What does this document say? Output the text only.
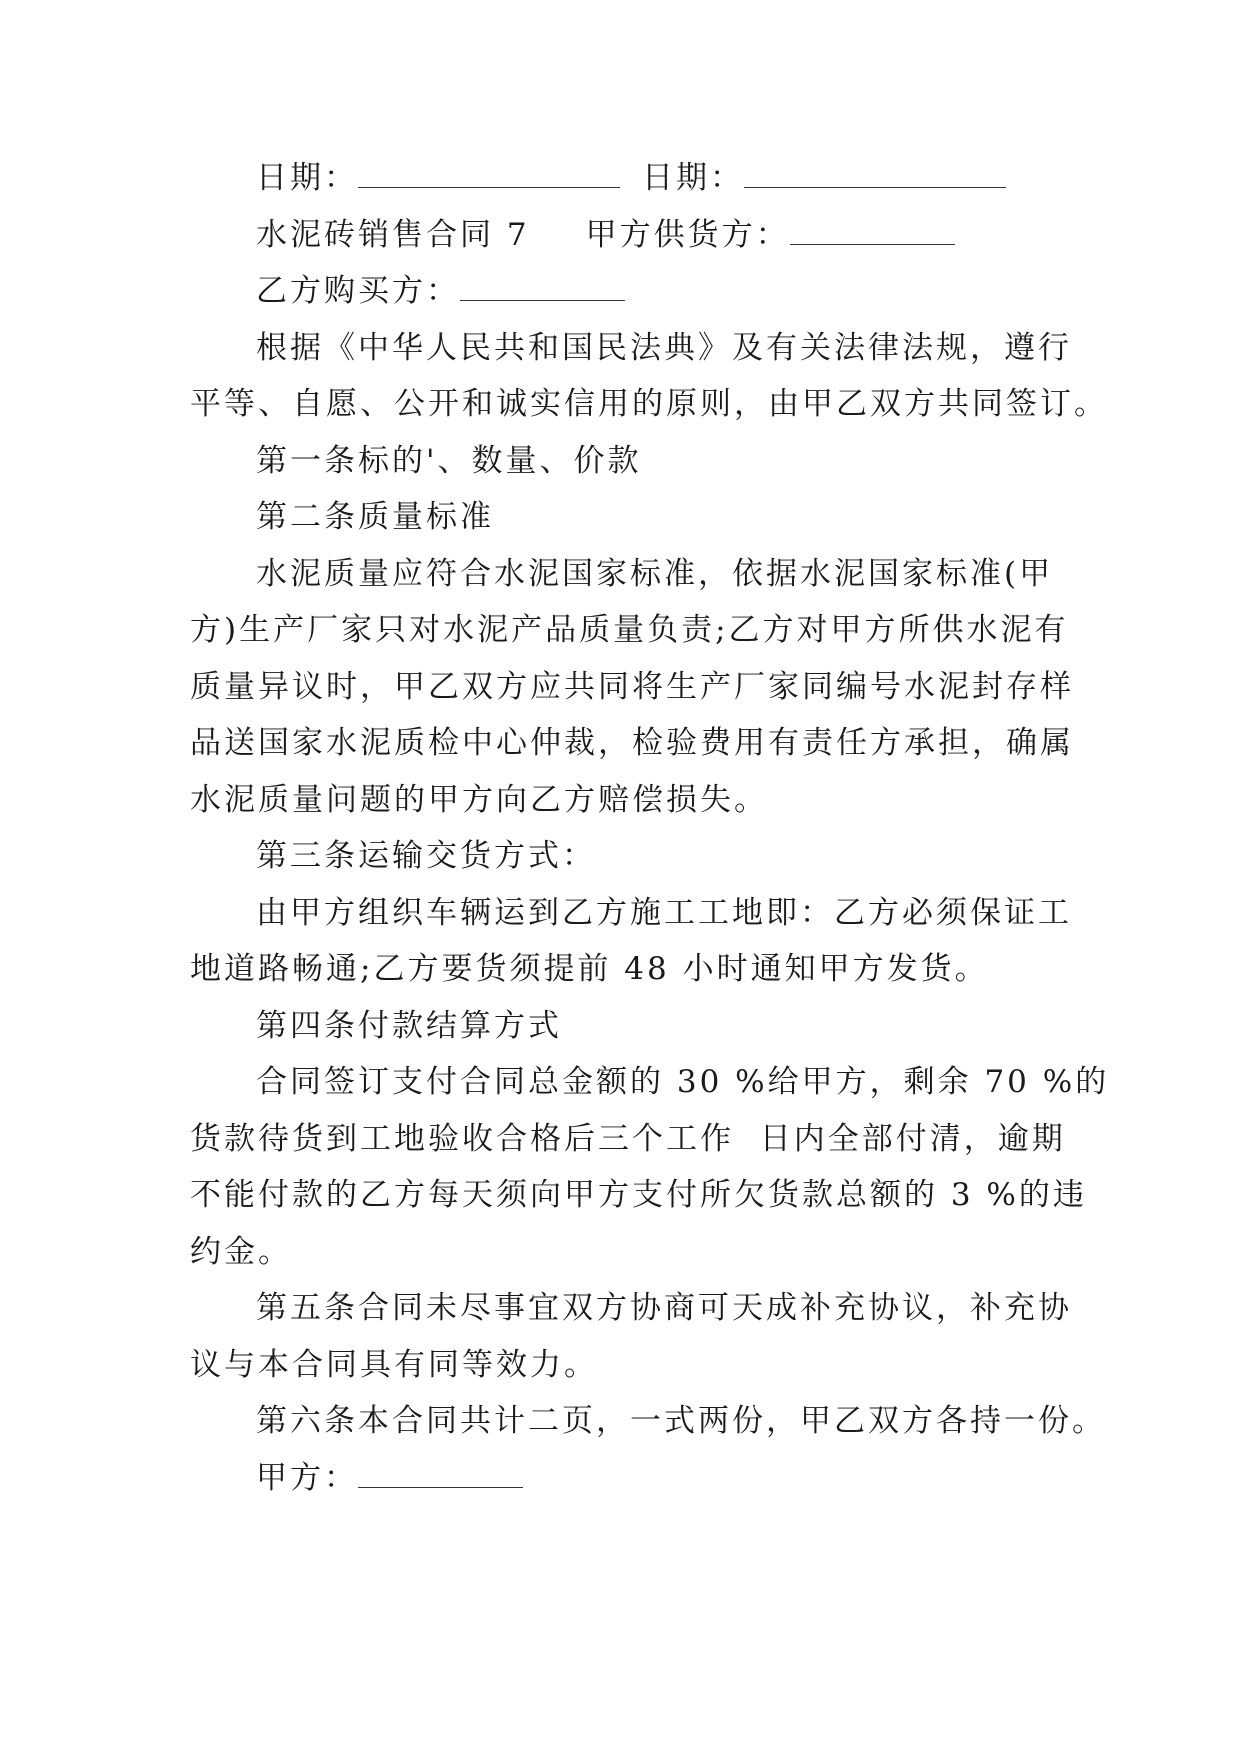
日期：	日期：

水泥砖销售合同 7 甲方供货方：

乙方购买方：

根据《中华人民共和国民法典》及有关法律法规，遵行

平等、自愿、公开和诚实信用的原则，由甲乙双方共同签订。

第一条标的'、数量、价款

第二条质量标准

水泥质量应符合水泥国家标准，依据水泥国家标准(甲

方)生产厂家只对水泥产品质量负责;乙方对甲方所供水泥有

质量异议时，甲乙双方应共同将生产厂家同编号水泥封存样

品送国家水泥质检中心仲裁，检验费用有责任方承担，确属

水泥质量问题的甲方向乙方赔偿损失。

第三条运输交货方式：

由甲方组织车辆运到乙方施工工地即：乙方必须保证工

地道路畅通;乙方要货须提前 48 小时通知甲方发货。

第四条付款结算方式

合同签订支付合同总金额的 30 %给甲方，剩余 70 %的

货款待货到工地验收合格后三个工作  日内全部付清，逾期

不能付款的乙方每天须向甲方支付所欠货款总额的 3 %的违

约金。

第五条合同未尽事宜双方协商可天成补充协议，补充协

议与本合同具有同等效力。

第六条本合同共计二页，一式两份，甲乙双方各持一份。

甲方：
